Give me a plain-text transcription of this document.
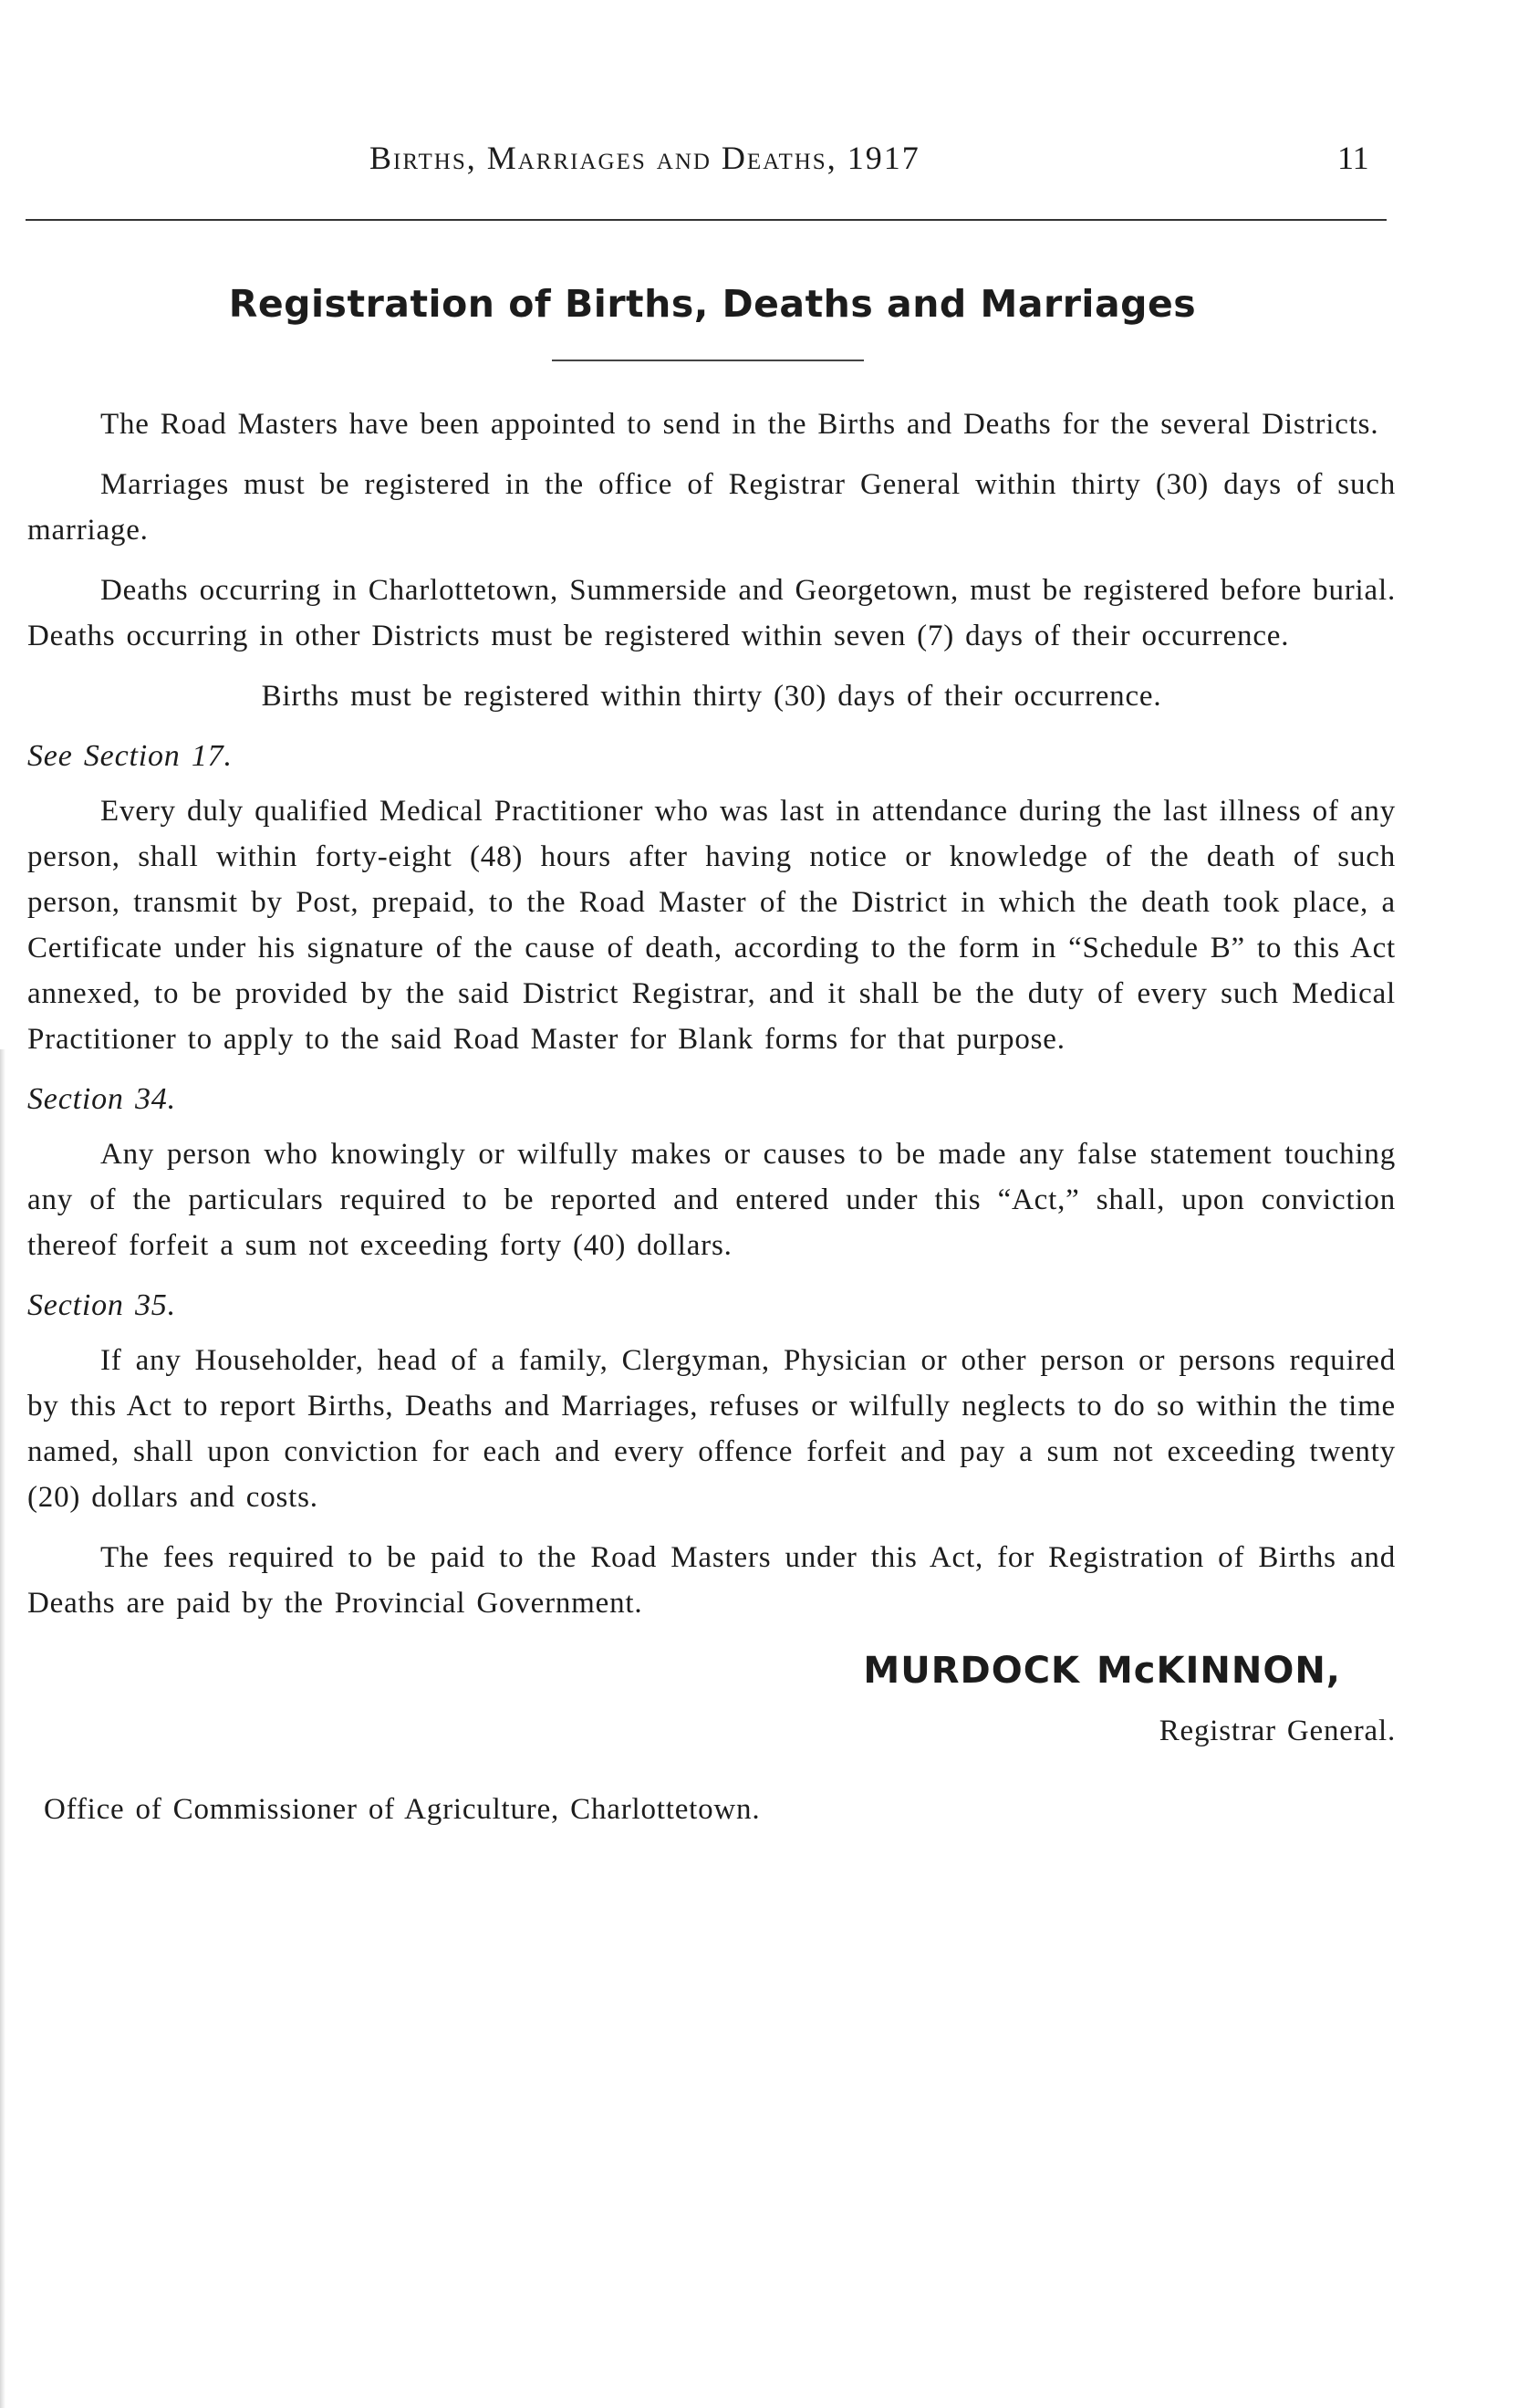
Births, Marriages and Deaths, 1917	11
Registration of Births, Deaths and Marriages

The Road Masters have been appointed to send in the Births and Deaths for the several Districts.

Marriages must be registered in the office of Registrar General within thirty (30) days of such marriage.

Deaths occurring in Charlottetown, Summerside and Georgetown, must be registered before burial. Deaths occurring in other Districts must be registered within seven (7) days of their occurrence.

Births must be registered within thirty (30) days of their occurrence.

See Section 17.

Every duly qualified Medical Practitioner who was last in attendance during the last illness of any person, shall within forty-eight (48) hours after having notice or knowledge of the death of such person, transmit by Post, prepaid, to the Road Master of the District in which the death took place, a Certificate under his signature of the cause of death, according to the form in “Schedule B” to this Act annexed, to be provided by the said District Registrar, and it shall be the duty of every such Medical Practitioner to apply to the said Road Master for Blank forms for that purpose.

Section 34.

Any person who knowingly or wilfully makes or causes to be made any false statement touching any of the particulars required to be reported and entered under this “Act,” shall, upon conviction thereof forfeit a sum not exceeding forty (40) dollars.

Section 35.

If any Householder, head of a family, Clergyman, Physician or other person or persons required by this Act to report Births, Deaths and Marriages, refuses or wilfully neglects to do so within the time named, shall upon conviction for each and every offence forfeit and pay a sum not exceeding twenty (20) dollars and costs.

The fees required to be paid to the Road Masters under this Act, for Registration of Births and Deaths are paid by the Provincial Government.

MURDOCK McKINNON,
Registrar General.

Office of Commissioner of Agriculture, Charlottetown.
